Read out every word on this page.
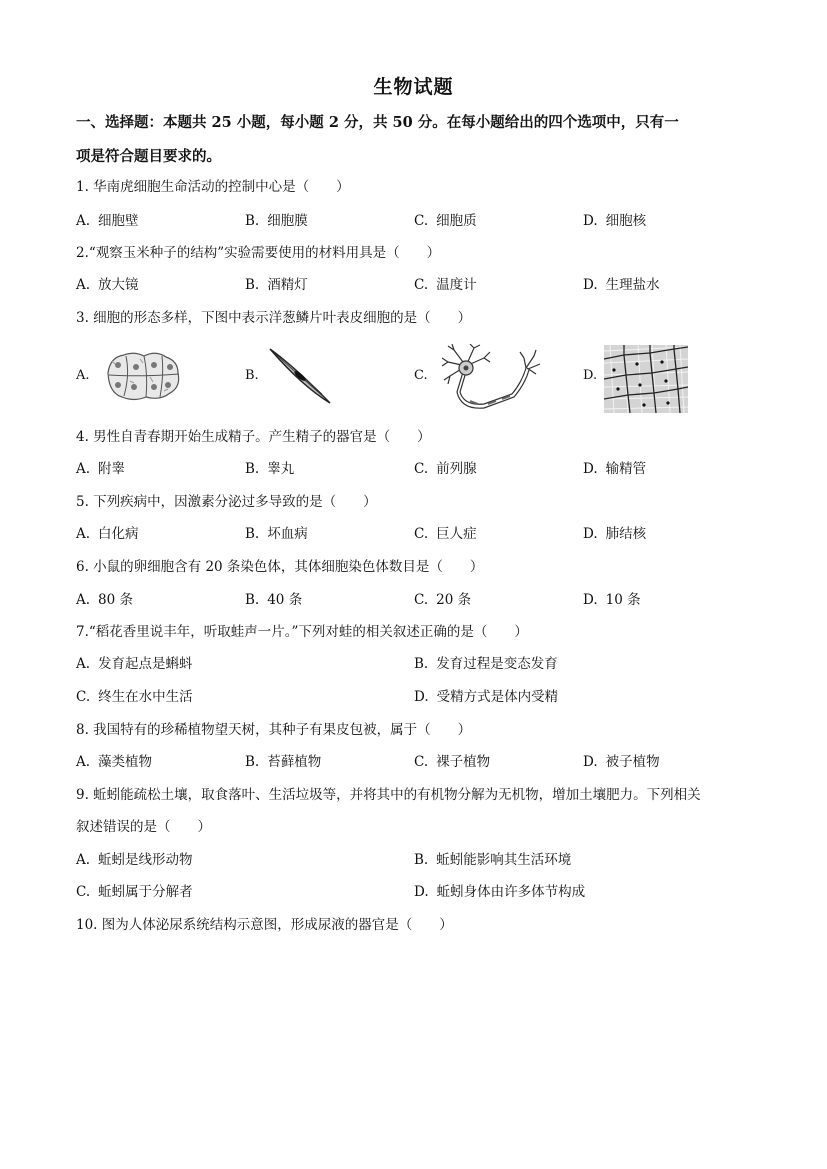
生物试题
一、选择题：本题共 25 小题，每小题 2 分，共 50 分。在每小题给出的四个选项中，只有一
项是符合题目要求的。
1. 华南虎细胞生命活动的控制中心是（　　）
A. 细胞壁	B. 细胞膜	C. 细胞质	D. 细胞核
2.“观察玉米种子的结构”实验需要使用的材料用具是（　　）
A. 放大镜	B. 酒精灯	C. 温度计	D. 生理盐水
3. 细胞的形态多样，下图中表示洋葱鳞片叶表皮细胞的是（　　）
A.	B.	C.	D.
4. 男性自青春期开始生成精子。产生精子的器官是（　　）
A. 附睾	B. 睾丸	C. 前列腺	D. 输精管
5. 下列疾病中，因激素分泌过多导致的是（　　）
A. 白化病	B. 坏血病	C. 巨人症	D. 肺结核
6. 小鼠的卵细胞含有 20 条染色体，其体细胞染色体数目是（　　）
A. 80 条	B. 40 条	C. 20 条	D. 10 条
7.“稻花香里说丰年，听取蛙声一片。”下列对蛙的相关叙述正确的是（　　）
A. 发育起点是蝌蚪	B. 发育过程是变态发育
C. 终生在水中生活	D. 受精方式是体内受精
8. 我国特有的珍稀植物望天树，其种子有果皮包被，属于（　　）
A. 藻类植物	B. 苔藓植物	C. 裸子植物	D. 被子植物
9. 蚯蚓能疏松土壤，取食落叶、生活垃圾等，并将其中的有机物分解为无机物，增加土壤肥力。下列相关
叙述错误的是（　　）
A. 蚯蚓是线形动物	B. 蚯蚓能影响其生活环境
C. 蚯蚓属于分解者	D. 蚯蚓身体由许多体节构成
10. 图为人体泌尿系统结构示意图，形成尿液的器官是（　　）
